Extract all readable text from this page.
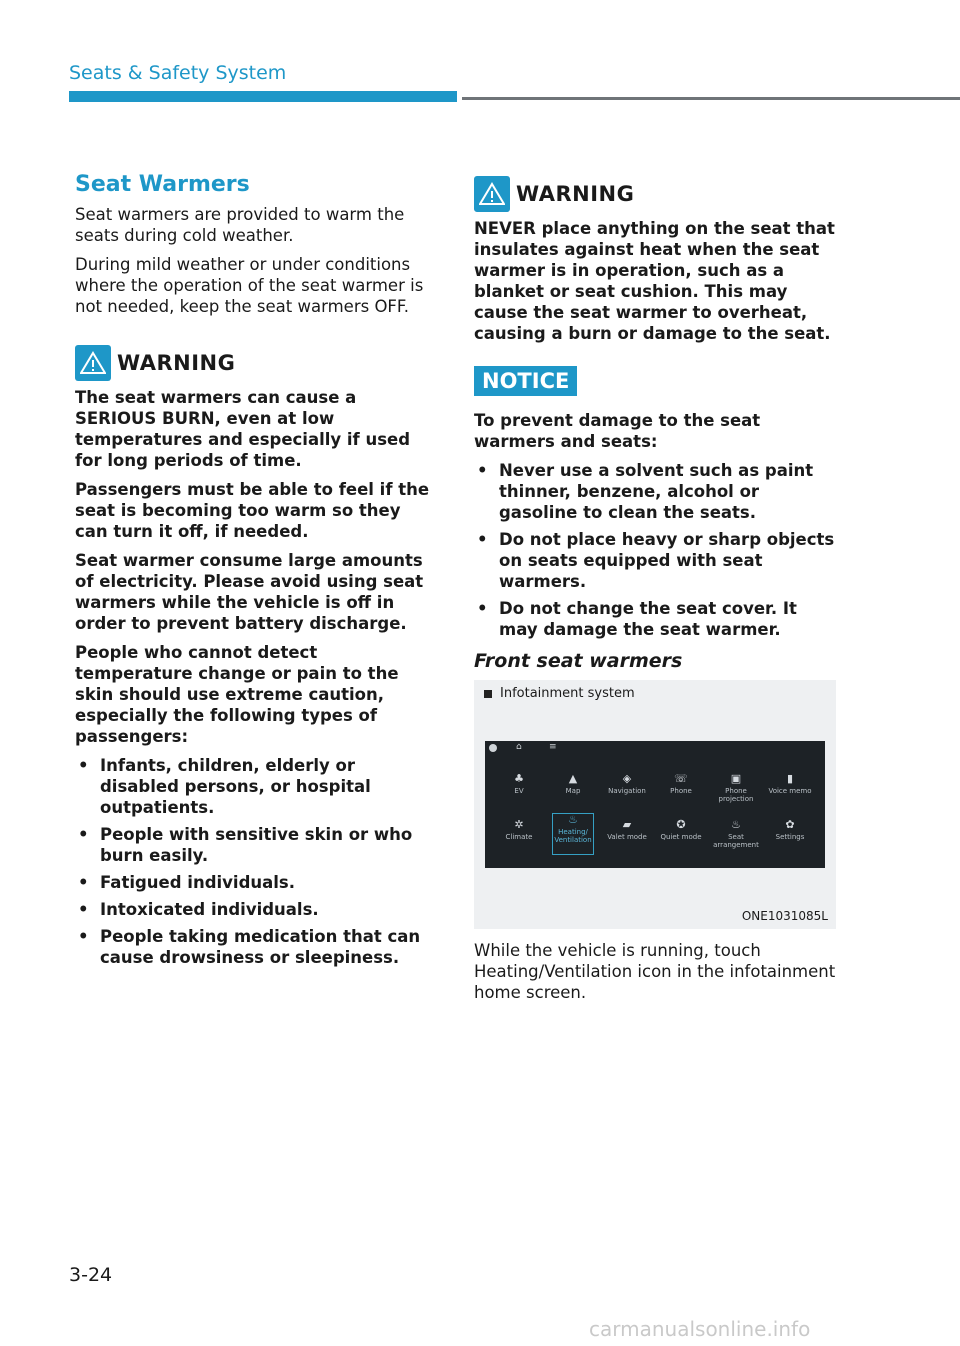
Seats & Safety System
Seat Warmers

Seat warmers are provided to warm the seats during cold weather.

During mild weather or under conditions where the operation of the seat warmer is not needed, keep the seat warmers OFF.

WARNING

The seat warmers can cause a SERIOUS BURN, even at low temperatures and especially if used for long periods of time.

Passengers must be able to feel if the seat is becoming too warm so they can turn it off, if needed.

Seat warmer consume large amounts of electricity. Please avoid using seat warmers while the vehicle is off in order to prevent battery discharge.

People who cannot detect temperature change or pain to the skin should use extreme caution, especially the following types of passengers:

• Infants, children, elderly or disabled persons, or hospital outpatients.
• People with sensitive skin or who burn easily.
• Fatigued individuals.
• Intoxicated individuals.
• People taking medication that can cause drowsiness or sleepiness.
WARNING

NEVER place anything on the seat that insulates against heat when the seat warmer is in operation, such as a blanket or seat cushion. This may cause the seat warmer to overheat, causing a burn or damage to the seat.

NOTICE

To prevent damage to the seat warmers and seats:

• Never use a solvent such as paint thinner, benzene, alcohol or gasoline to clean the seats.
• Do not place heavy or sharp objects on seats equipped with seat warmers.
• Do not change the seat cover. It may damage the seat warmer.
Front seat warmers
Infotainment system
⌂	≡
♣
EV
▲
Map
◈
Navigation
☏
Phone
▣
Phone projection
▮
Voice memo
✲
Climate
♨
Heating/ Ventilation
▰
Valet mode
✪
Quiet mode
♨
Seat arrangement
✿
Settings
ONE1031085L

While the vehicle is running, touch Heating/Ventilation icon in the infotainment home screen.

3-24
carmanualsonline.info
